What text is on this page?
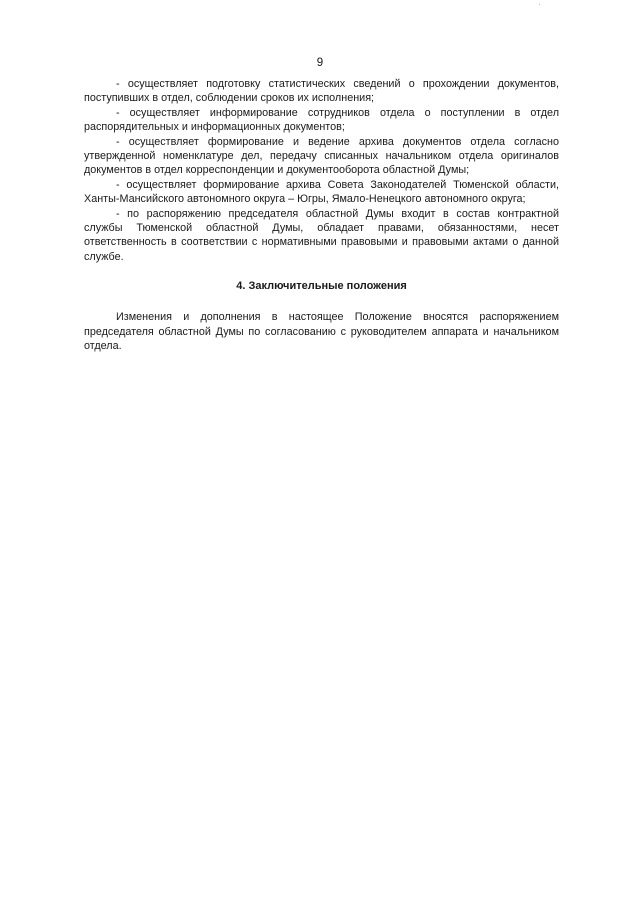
9

- осуществляет подготовку статистических сведений о прохождении документов, поступивших в отдел, соблюдении сроков их исполнения;

- осуществляет информирование сотрудников отдела о поступлении в отдел распорядительных и информационных документов;

- осуществляет формирование и ведение архива документов отдела согласно утвержденной номенклатуре дел, передачу списанных начальником отдела оригиналов документов в отдел корреспонденции и документооборота областной Думы;

- осуществляет формирование архива Совета Законодателей Тюменской области, Ханты-Мансийского автономного округа – Югры, Ямало-Ненецкого автономного округа;

- по распоряжению председателя областной Думы входит в состав контрактной службы Тюменской областной Думы, обладает правами, обязанностями, несет ответственность в соответствии с нормативными правовыми и правовыми актами о данной службе.

4. Заключительные положения

Изменения и дополнения в настоящее Положение вносятся распоряжением председателя областной Думы по согласованию с руководителем аппарата и начальником отдела.
